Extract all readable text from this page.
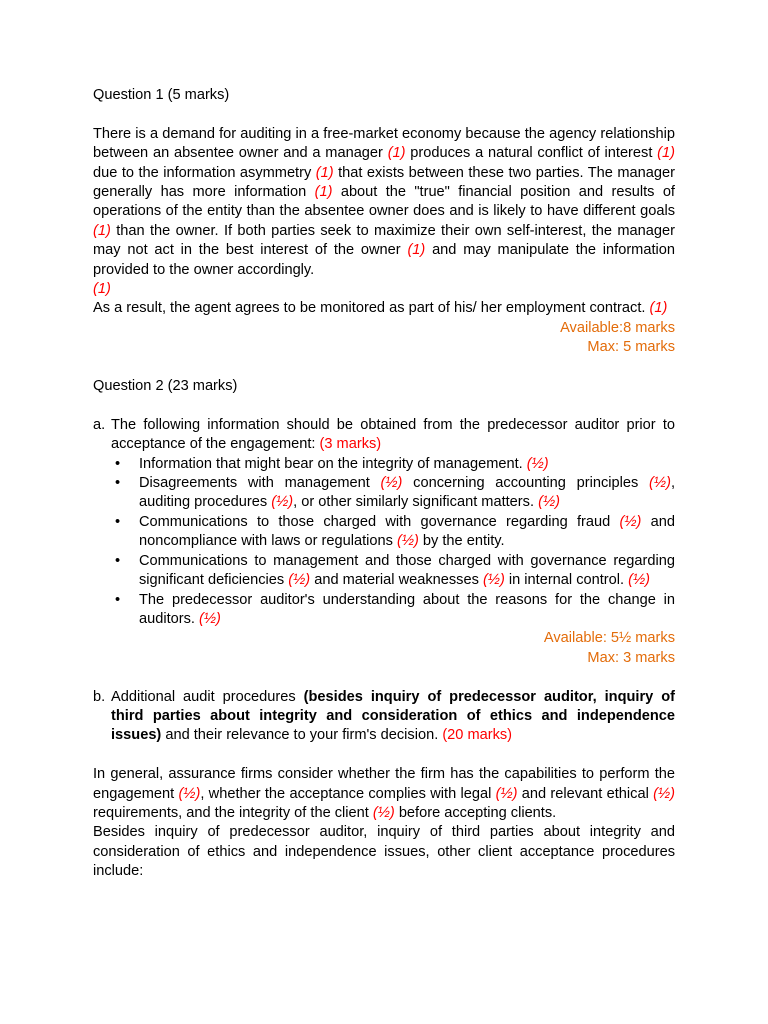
Question 1 (5 marks)

There is a demand for auditing in a free-market economy because the agency relationship between an absentee owner and a manager (1) produces a natural conflict of interest (1) due to the information asymmetry (1) that exists between these two parties. The manager generally has more information (1) about the "true" financial position and results of operations of the entity than the absentee owner does and is likely to have different goals (1) than the owner. If both parties seek to maximize their own self-interest, the manager may not act in the best interest of the owner (1) and may manipulate the information provided to the owner accordingly.

(1)

As a result, the agent agrees to be monitored as part of his/ her employment contract. (1)

Available:8 marks

Max: 5 marks

Question 2 (23 marks)

a. The following information should be obtained from the predecessor auditor prior to acceptance of the engagement: (3 marks)
• Information that might bear on the integrity of management. (½)
• Disagreements with management (½) concerning accounting principles (½), auditing procedures (½), or other similarly significant matters. (½)
• Communications to those charged with governance regarding fraud (½) and noncompliance with laws or regulations (½) by the entity.
• Communications to management and those charged with governance regarding significant deficiencies (½) and material weaknesses (½) in internal control. (½)
• The predecessor auditor's understanding about the reasons for the change in auditors. (½)

Available: 5½ marks

Max: 3 marks

b. Additional audit procedures (besides inquiry of predecessor auditor, inquiry of third parties about integrity and consideration of ethics and independence issues) and their relevance to your firm's decision. (20 marks)

In general, assurance firms consider whether the firm has the capabilities to perform the engagement (½), whether the acceptance complies with legal (½) and relevant ethical (½) requirements, and the integrity of the client (½) before accepting clients.

Besides inquiry of predecessor auditor, inquiry of third parties about integrity and consideration of ethics and independence issues, other client acceptance procedures include:
